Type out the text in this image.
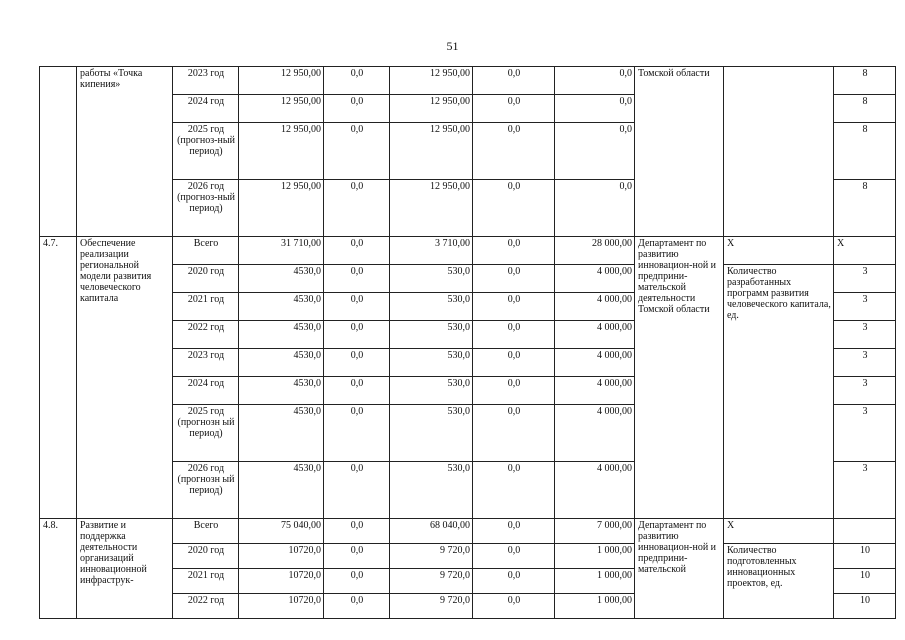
51
	работы «Точка кипения»	2023 год	12 950,00	0,0	12 950,00	0,0	0,0	Томской области		8
		2024 год	12 950,00	0,0	12 950,00	0,0	0,0			8
		2025 год (прогноз-ный период)	12 950,00	0,0	12 950,00	0,0	0,0			8
		2026 год (прогноз-ный период)	12 950,00	0,0	12 950,00	0,0	0,0			8
4.7.	Обеспечение реализации региональной модели развития человеческого капитала	Всего	31 710,00	0,0	3 710,00	0,0	28 000,00	Департамент по развитию инновацион-ной и предприни-мательской деятельности Томской области	Х	Х
		2020 год	4530,0	0,0	530,0	0,0	4 000,00		Количество разработанных программ развития человеческого капитала, ед.	3
		2021 год	4530,0	0,0	530,0	0,0	4 000,00			3
		2022 год	4530,0	0,0	530,0	0,0	4 000,00			3
		2023 год	4530,0	0,0	530,0	0,0	4 000,00			3
		2024 год	4530,0	0,0	530,0	0,0	4 000,00			3
		2025 год (прогнозн ый период)	4530,0	0,0	530,0	0,0	4 000,00			3
		2026 год (прогнозн ый период)	4530,0	0,0	530,0	0,0	4 000,00			3
4.8.	Развитие и поддержка деятельности организаций инновационной инфраструк-	Всего	75 040,00	0,0	68 040,00	0,0	7 000,00	Департамент по развитию инновацион-ной и предприни-мательской	Х	
		2020 год	10720,0	0,0	9 720,0	0,0	1 000,00		Количество подготовленных инновационных проектов, ед.	10
		2021 год	10720,0	0,0	9 720,0	0,0	1 000,00			10
		2022 год	10720,0	0,0	9 720,0	0,0	1 000,00			10
